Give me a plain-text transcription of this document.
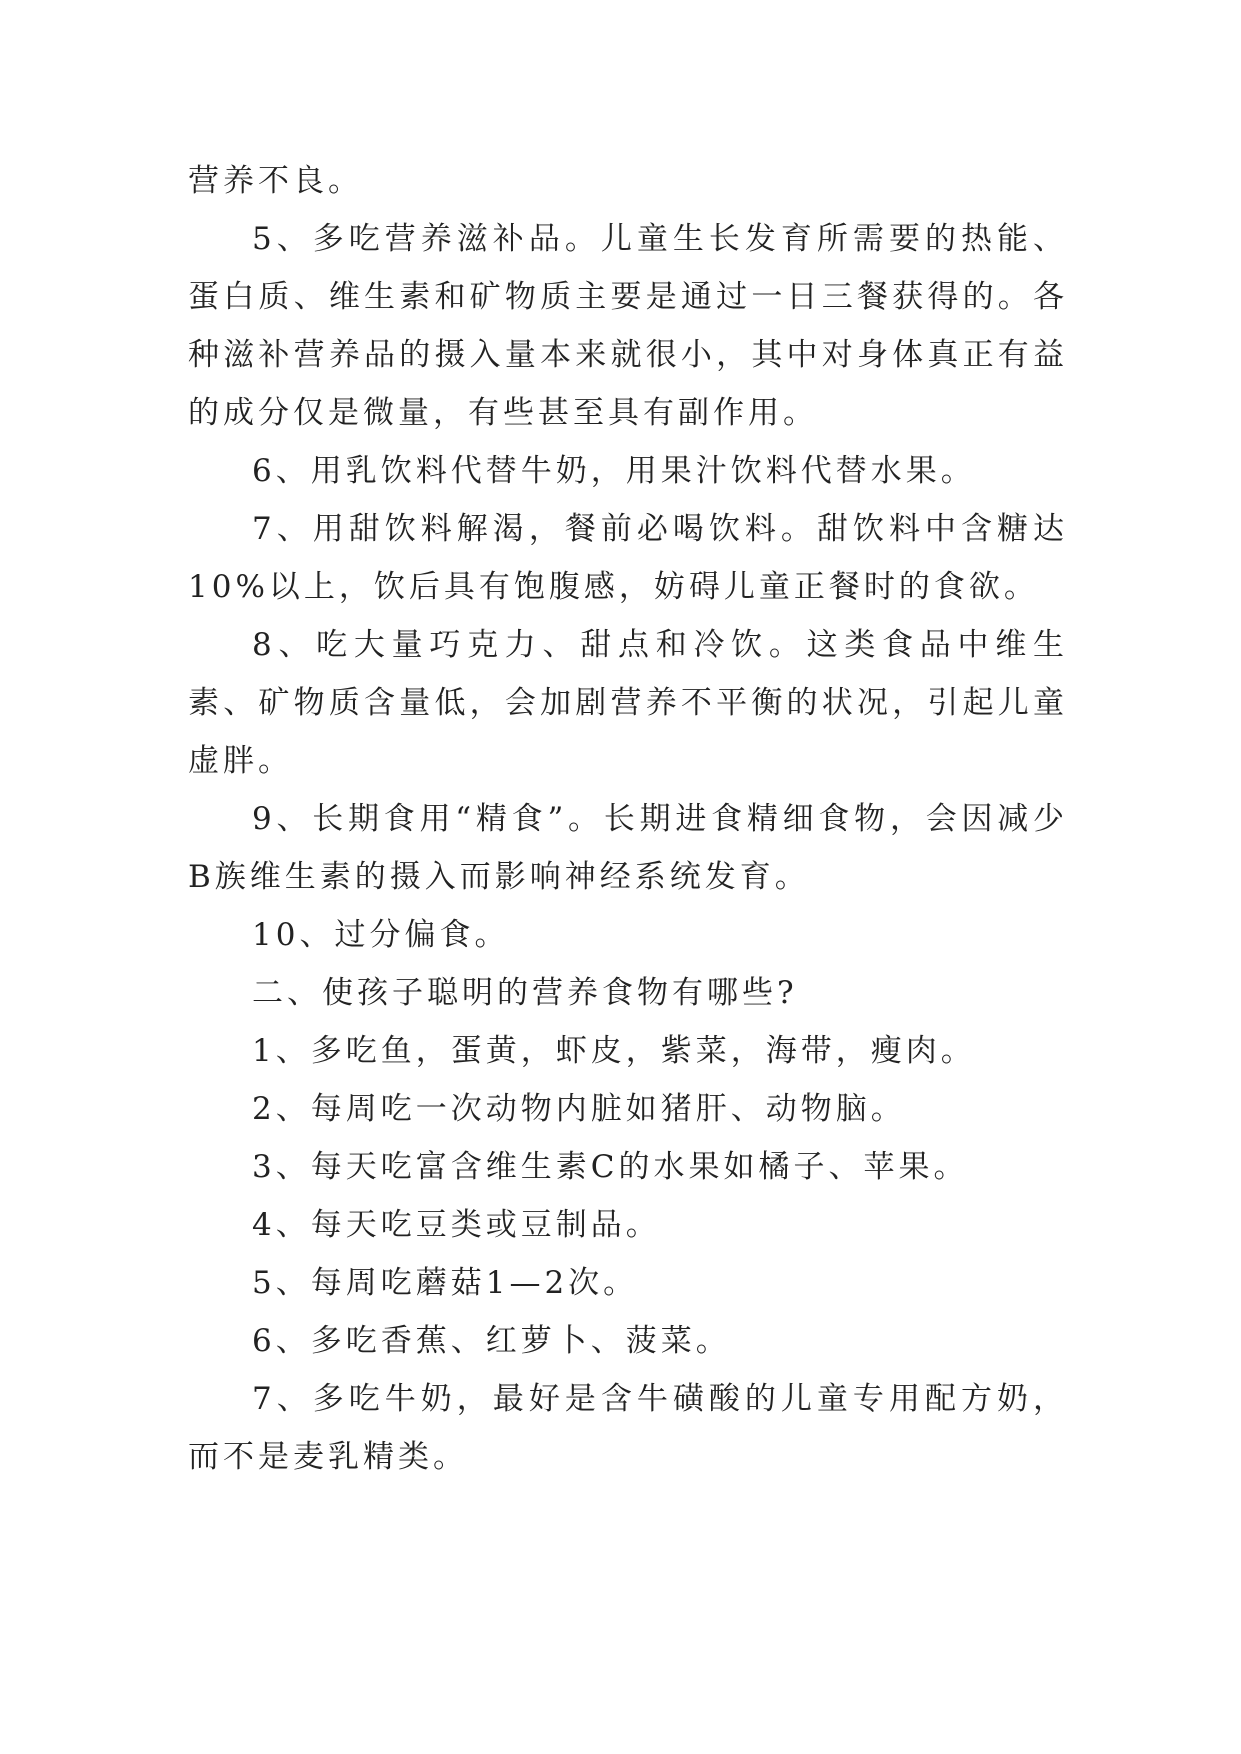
营养不良。

5、多吃营养滋补品。儿童生长发育所需要的热能、蛋白质、维生素和矿物质主要是通过一日三餐获得的。各种滋补营养品的摄入量本来就很小，其中对身体真正有益的成分仅是微量，有些甚至具有副作用。

6、用乳饮料代替牛奶，用果汁饮料代替水果。

7、用甜饮料解渴，餐前必喝饮料。甜饮料中含糖达10%以上，饮后具有饱腹感，妨碍儿童正餐时的食欲。

8、吃大量巧克力、甜点和冷饮。这类食品中维生素、矿物质含量低，会加剧营养不平衡的状况，引起儿童虚胖。

9、长期食用“精食”。长期进食精细食物，会因减少B族维生素的摄入而影响神经系统发育。

10、过分偏食。

二、使孩子聪明的营养食物有哪些?

1、多吃鱼，蛋黄，虾皮，紫菜，海带，瘦肉。

2、每周吃一次动物内脏如猪肝、动物脑。

3、每天吃富含维生素C的水果如橘子、苹果。

4、每天吃豆类或豆制品。

5、每周吃蘑菇1—2次。

6、多吃香蕉、红萝卜、菠菜。

7、多吃牛奶，最好是含牛磺酸的儿童专用配方奶，而不是麦乳精类。
